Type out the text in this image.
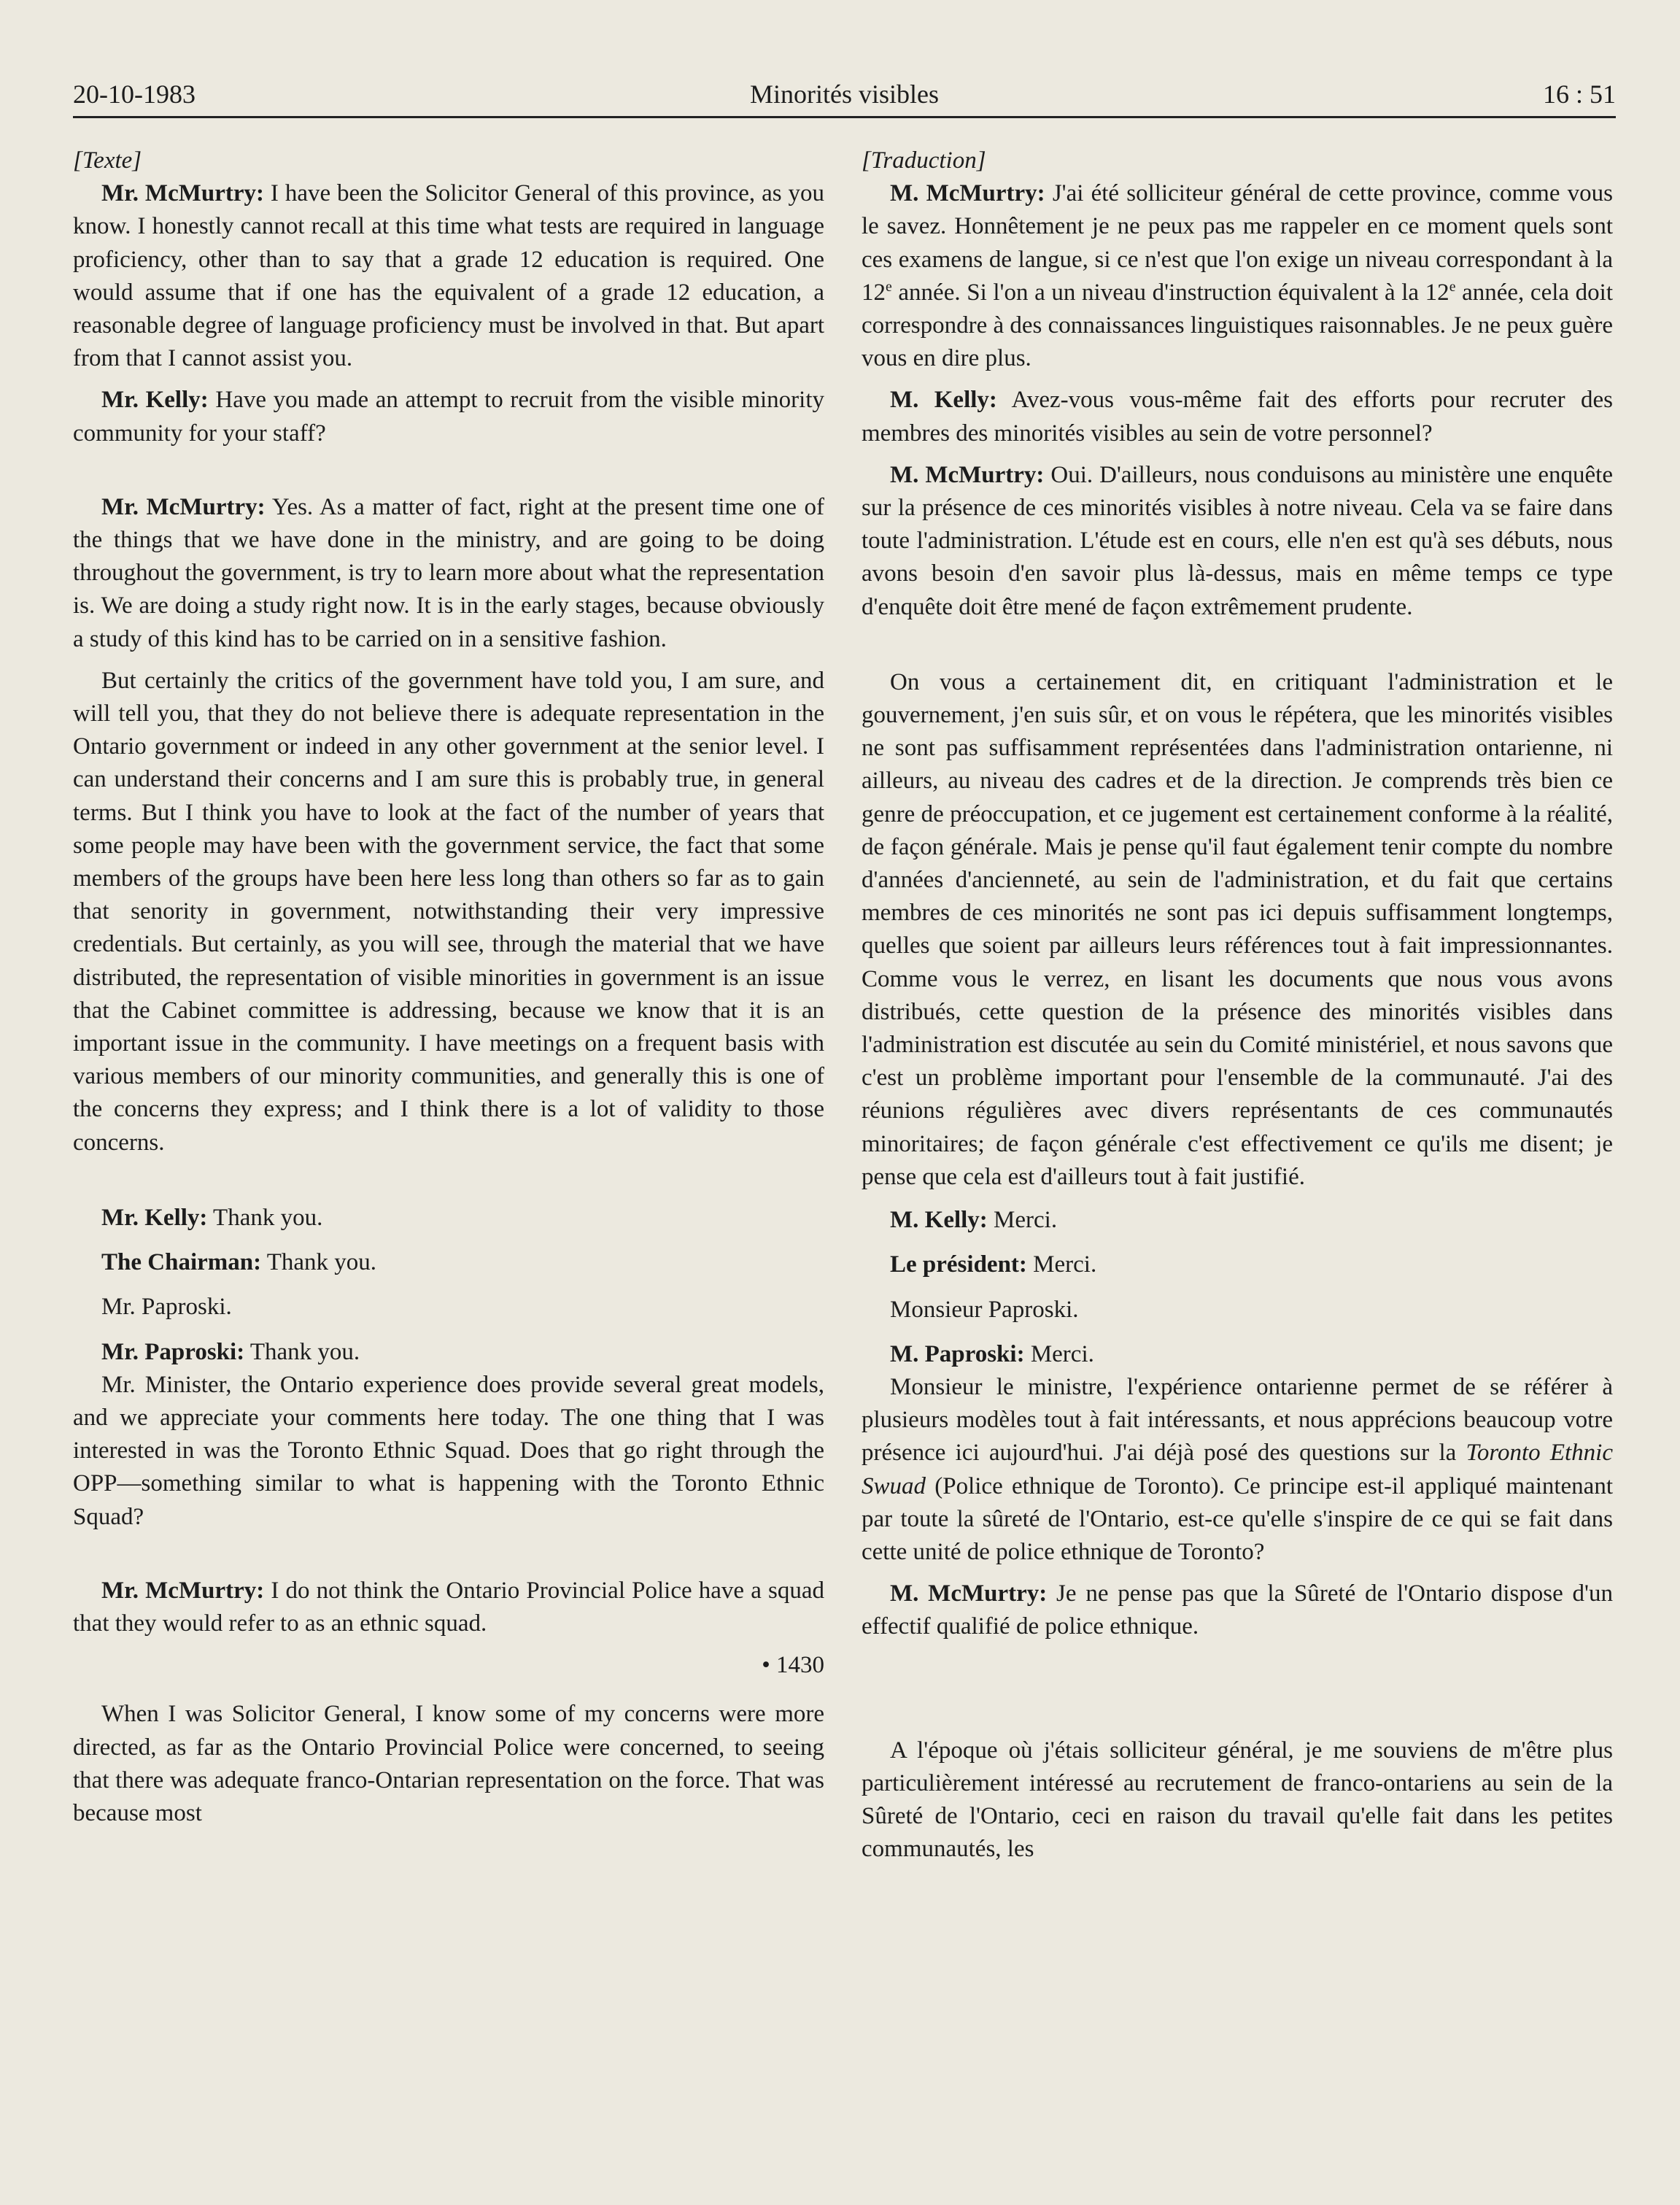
20-10-1983	Minorités visibles	16 : 51

[Texte]

Mr. McMurtry: I have been the Solicitor General of this province, as you know. I honestly cannot recall at this time what tests are required in language proficiency, other than to say that a grade 12 education is required. One would assume that if one has the equivalent of a grade 12 education, a reasonable degree of language proficiency must be involved in that. But apart from that I cannot assist you.

Mr. Kelly: Have you made an attempt to recruit from the visible minority community for your staff?

Mr. McMurtry: Yes. As a matter of fact, right at the present time one of the things that we have done in the ministry, and are going to be doing throughout the government, is try to learn more about what the representation is. We are doing a study right now. It is in the early stages, because obviously a study of this kind has to be carried on in a sensitive fashion.

But certainly the critics of the government have told you, I am sure, and will tell you, that they do not believe there is adequate representation in the Ontario government or indeed in any other government at the senior level. I can understand their concerns and I am sure this is probably true, in general terms. But I think you have to look at the fact of the number of years that some people may have been with the government service, the fact that some members of the groups have been here less long than others so far as to gain that senority in government, notwithstanding their very impressive credentials. But certainly, as you will see, through the material that we have distributed, the representation of visible minorities in government is an issue that the Cabinet committee is addressing, because we know that it is an important issue in the community. I have meetings on a frequent basis with various members of our minority communities, and generally this is one of the concerns they express; and I think there is a lot of validity to those concerns.

Mr. Kelly: Thank you.

The Chairman: Thank you.

Mr. Paproski.

Mr. Paproski: Thank you.

Mr. Minister, the Ontario experience does provide several great models, and we appreciate your comments here today. The one thing that I was interested in was the Toronto Ethnic Squad. Does that go right through the OPP—something similar to what is happening with the Toronto Ethnic Squad?

Mr. McMurtry: I do not think the Ontario Provincial Police have a squad that they would refer to as an ethnic squad.

• 1430

When I was Solicitor General, I know some of my concerns were more directed, as far as the Ontario Provincial Police were concerned, to seeing that there was adequate franco-Ontarian representation on the force. That was because most

[Traduction]

M. McMurtry: J'ai été solliciteur général de cette province, comme vous le savez. Honnêtement je ne peux pas me rappeler en ce moment quels sont ces examens de langue, si ce n'est que l'on exige un niveau correspondant à la 12e année. Si l'on a un niveau d'instruction équivalent à la 12e année, cela doit correspondre à des connaissances linguistiques raisonnables. Je ne peux guère vous en dire plus.

M. Kelly: Avez-vous vous-même fait des efforts pour recruter des membres des minorités visibles au sein de votre personnel?

M. McMurtry: Oui. D'ailleurs, nous conduisons au ministère une enquête sur la présence de ces minorités visibles à notre niveau. Cela va se faire dans toute l'administration. L'étude est en cours, elle n'en est qu'à ses débuts, nous avons besoin d'en savoir plus là-dessus, mais en même temps ce type d'enquête doit être mené de façon extrêmement prudente.

On vous a certainement dit, en critiquant l'administration et le gouvernement, j'en suis sûr, et on vous le répétera, que les minorités visibles ne sont pas suffisamment représentées dans l'administration ontarienne, ni ailleurs, au niveau des cadres et de la direction. Je comprends très bien ce genre de préoccupation, et ce jugement est certainement conforme à la réalité, de façon générale. Mais je pense qu'il faut également tenir compte du nombre d'années d'ancienneté, au sein de l'administration, et du fait que certains membres de ces minorités ne sont pas ici depuis suffisamment longtemps, quelles que soient par ailleurs leurs références tout à fait impressionnantes. Comme vous le verrez, en lisant les documents que nous vous avons distribués, cette question de la présence des minorités visibles dans l'administration est discutée au sein du Comité ministériel, et nous savons que c'est un problème important pour l'ensemble de la communauté. J'ai des réunions régulières avec divers représentants de ces communautés minoritaires; de façon générale c'est effectivement ce qu'ils me disent; je pense que cela est d'ailleurs tout à fait justifié.

M. Kelly: Merci.

Le président: Merci.

Monsieur Paproski.

M. Paproski: Merci.

Monsieur le ministre, l'expérience ontarienne permet de se référer à plusieurs modèles tout à fait intéressants, et nous apprécions beaucoup votre présence ici aujourd'hui. J'ai déjà posé des questions sur la Toronto Ethnic Swuad (Police ethnique de Toronto). Ce principe est-il appliqué maintenant par toute la sûreté de l'Ontario, est-ce qu'elle s'inspire de ce qui se fait dans cette unité de police ethnique de Toronto?

M. McMurtry: Je ne pense pas que la Sûreté de l'Ontario dispose d'un effectif qualifié de police ethnique.

A l'époque où j'étais solliciteur général, je me souviens de m'être plus particulièrement intéressé au recrutement de franco-ontariens au sein de la Sûreté de l'Ontario, ceci en raison du travail qu'elle fait dans les petites communautés, les
